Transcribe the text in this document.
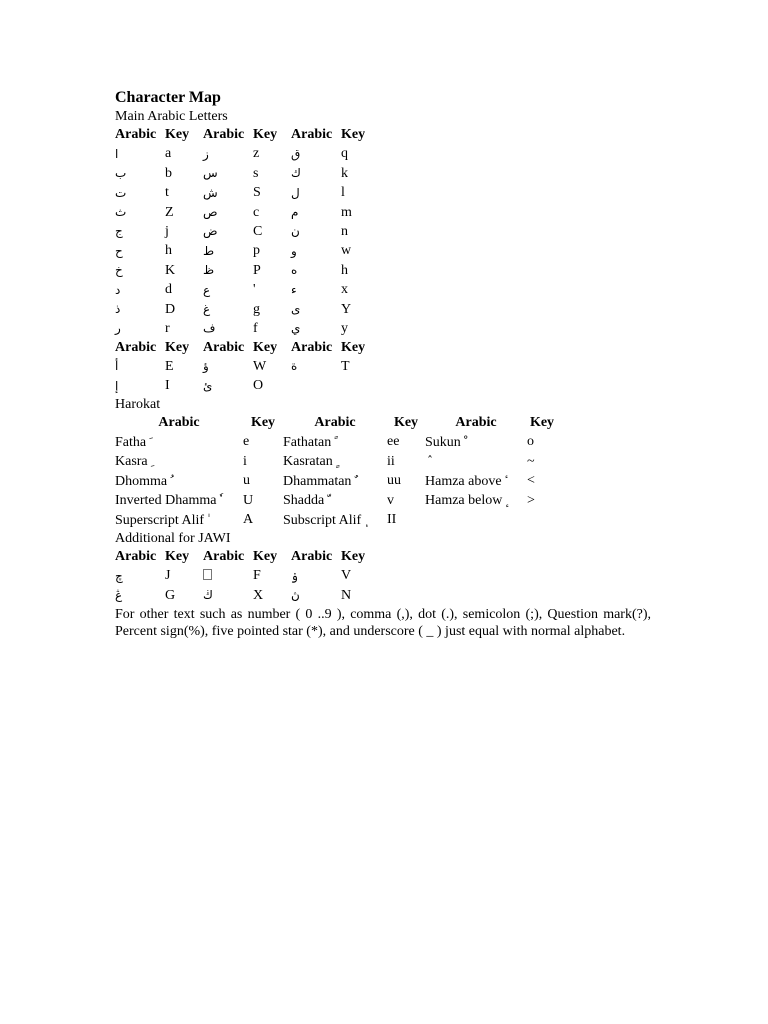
Character Map
Main Arabic Letters
Arabic	Key	Arabic	Key	Arabic	Key
ا	a	ز	z	ق	q
ب	b	س	s	ك	k
ت	t	ش	S	ل	l
ث	Z	ص	c	م	m
ج	j	ض	C	ن	n
ح	h	ط	p	و	w
خ	K	ظ	P	ه	h
د	d	ع	'	ء	x
ذ	D	غ	g	ى	Y
ر	r	ف	f	ي	y
Arabic	Key	Arabic	Key	Arabic	Key
أ	E	ؤ	W	ة	T
إ	I	ئ	O		
Harokat
Arabic	Key	Arabic	Key	Arabic	Key
Fatha	e	Fathatan	ee	Sukun	o
Kasra	i	Kasratan	ii	ˆ	~
Dhomma	u	Dhammatan	uu	Hamza above	<
Inverted Dhamma	U	Shadda	v	Hamza below	>
Superscript Alif	A	Subscript Alif	II		
Additional for JAWI
Arabic	Key	Arabic	Key	Arabic	Key
چ	J		F	ۏ	V
ڠ	G	ڬ	X	ڽ	N
For other text such as number ( 0 ..9 ), comma (,), dot (.), semicolon (;), Question mark(?), Percent sign(%), five pointed star (*), and underscore ( _ ) just equal with normal alphabet.
